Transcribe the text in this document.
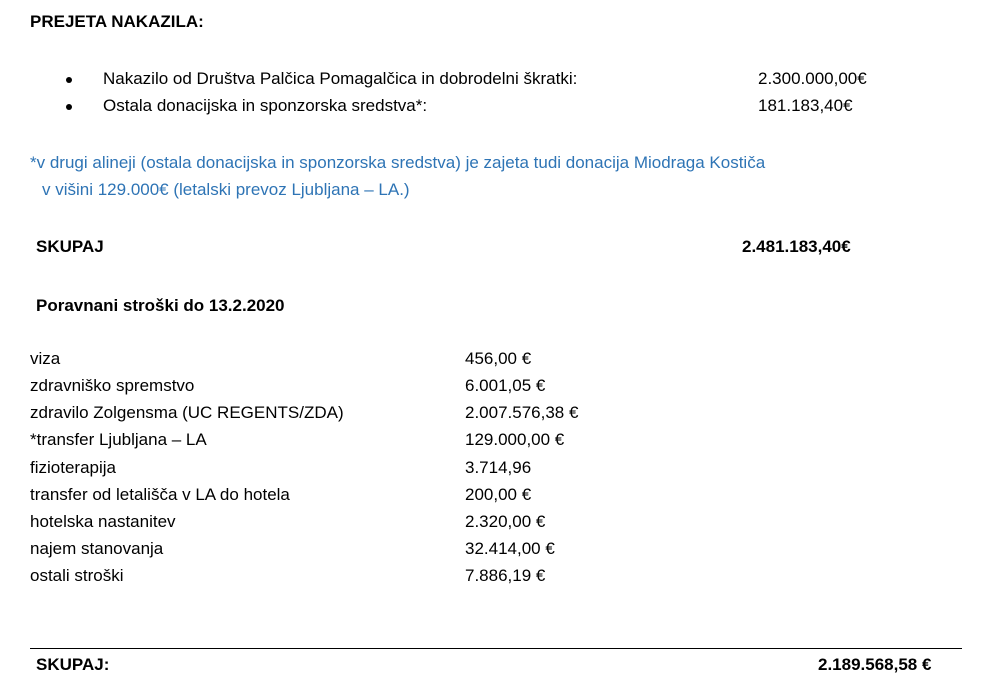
PREJETA NAKAZILA:
Nakazilo od Društva Palčica Pomagalčica in dobrodelni škratki:	2.300.000,00€
Ostala donacijska in sponzorska sredstva*:	181.183,40€
*v drugi alineji (ostala donacijska in sponzorska sredstva) je zajeta tudi donacija Miodraga Kostiča
v višini 129.000€ (letalski prevoz Ljubljana – LA.)
SKUPAJ	2.481.183,40€
Poravnani stroški do 13.2.2020
viza	456,00 €
zdravniško spremstvo	6.001,05 €
zdravilo Zolgensma (UC REGENTS/ZDA)	2.007.576,38 €
*transfer Ljubljana – LA	129.000,00 €
fizioterapija	3.714,96
transfer od letališča v LA do hotela	200,00 €
hotelska nastanitev	2.320,00 €
najem stanovanja	32.414,00 €
ostali stroški	7.886,19 €
SKUPAJ:	2.189.568,58 €
